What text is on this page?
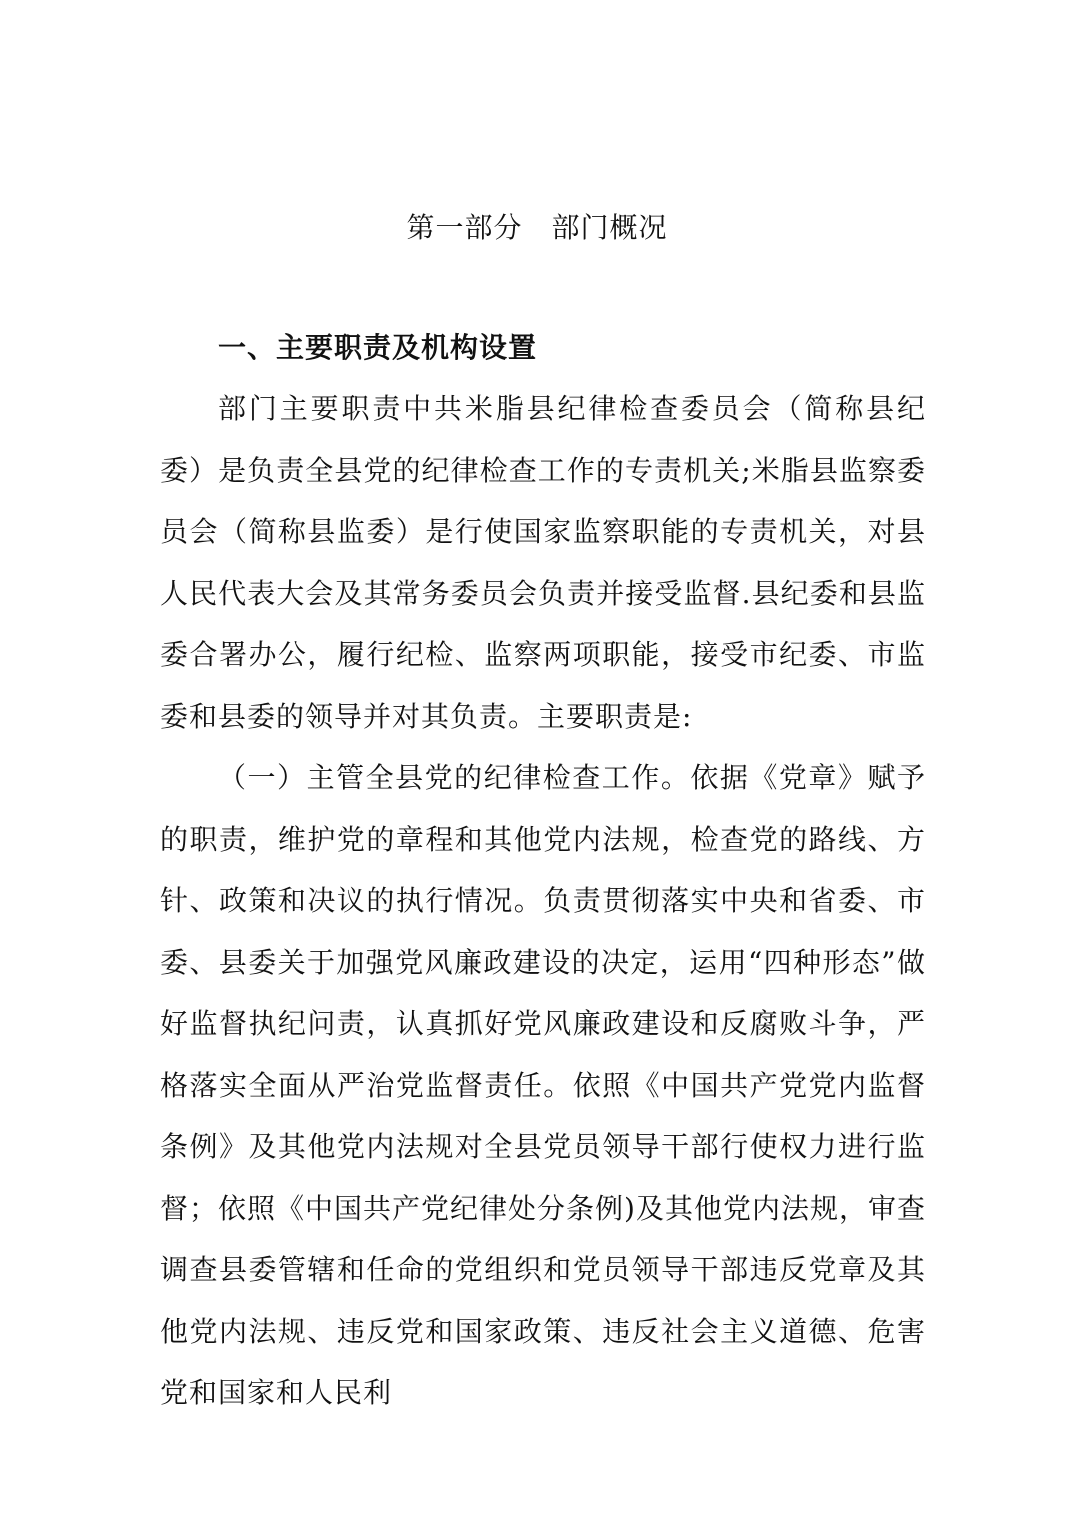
第一部分　部门概况
一、主要职责及机构设置

部门主要职责中共米脂县纪律检查委员会（简称县纪委）是负责全县党的纪律检查工作的专责机关;米脂县监察委员会（简称县监委）是行使国家监察职能的专责机关，对县人民代表大会及其常务委员会负责并接受监督.县纪委和县监委合署办公，履行纪检、监察两项职能，接受市纪委、市监委和县委的领导并对其负责。主要职责是:

（一）主管全县党的纪律检查工作。依据《党章》赋予的职责，维护党的章程和其他党内法规，检查党的路线、方针、政策和决议的执行情况。负责贯彻落实中央和省委、市委、县委关于加强党风廉政建设的决定，运用“四种形态”做好监督执纪问责，认真抓好党风廉政建设和反腐败斗争，严格落实全面从严治党监督责任。依照《中国共产党党内监督条例》及其他党内法规对全县党员领导干部行使权力进行监督；依照《中国共产党纪律处分条例)及其他党内法规，审查调查县委管辖和任命的党组织和党员领导干部违反党章及其他党内法规、违反党和国家政策、违反社会主义道德、危害党和国家和人民利
